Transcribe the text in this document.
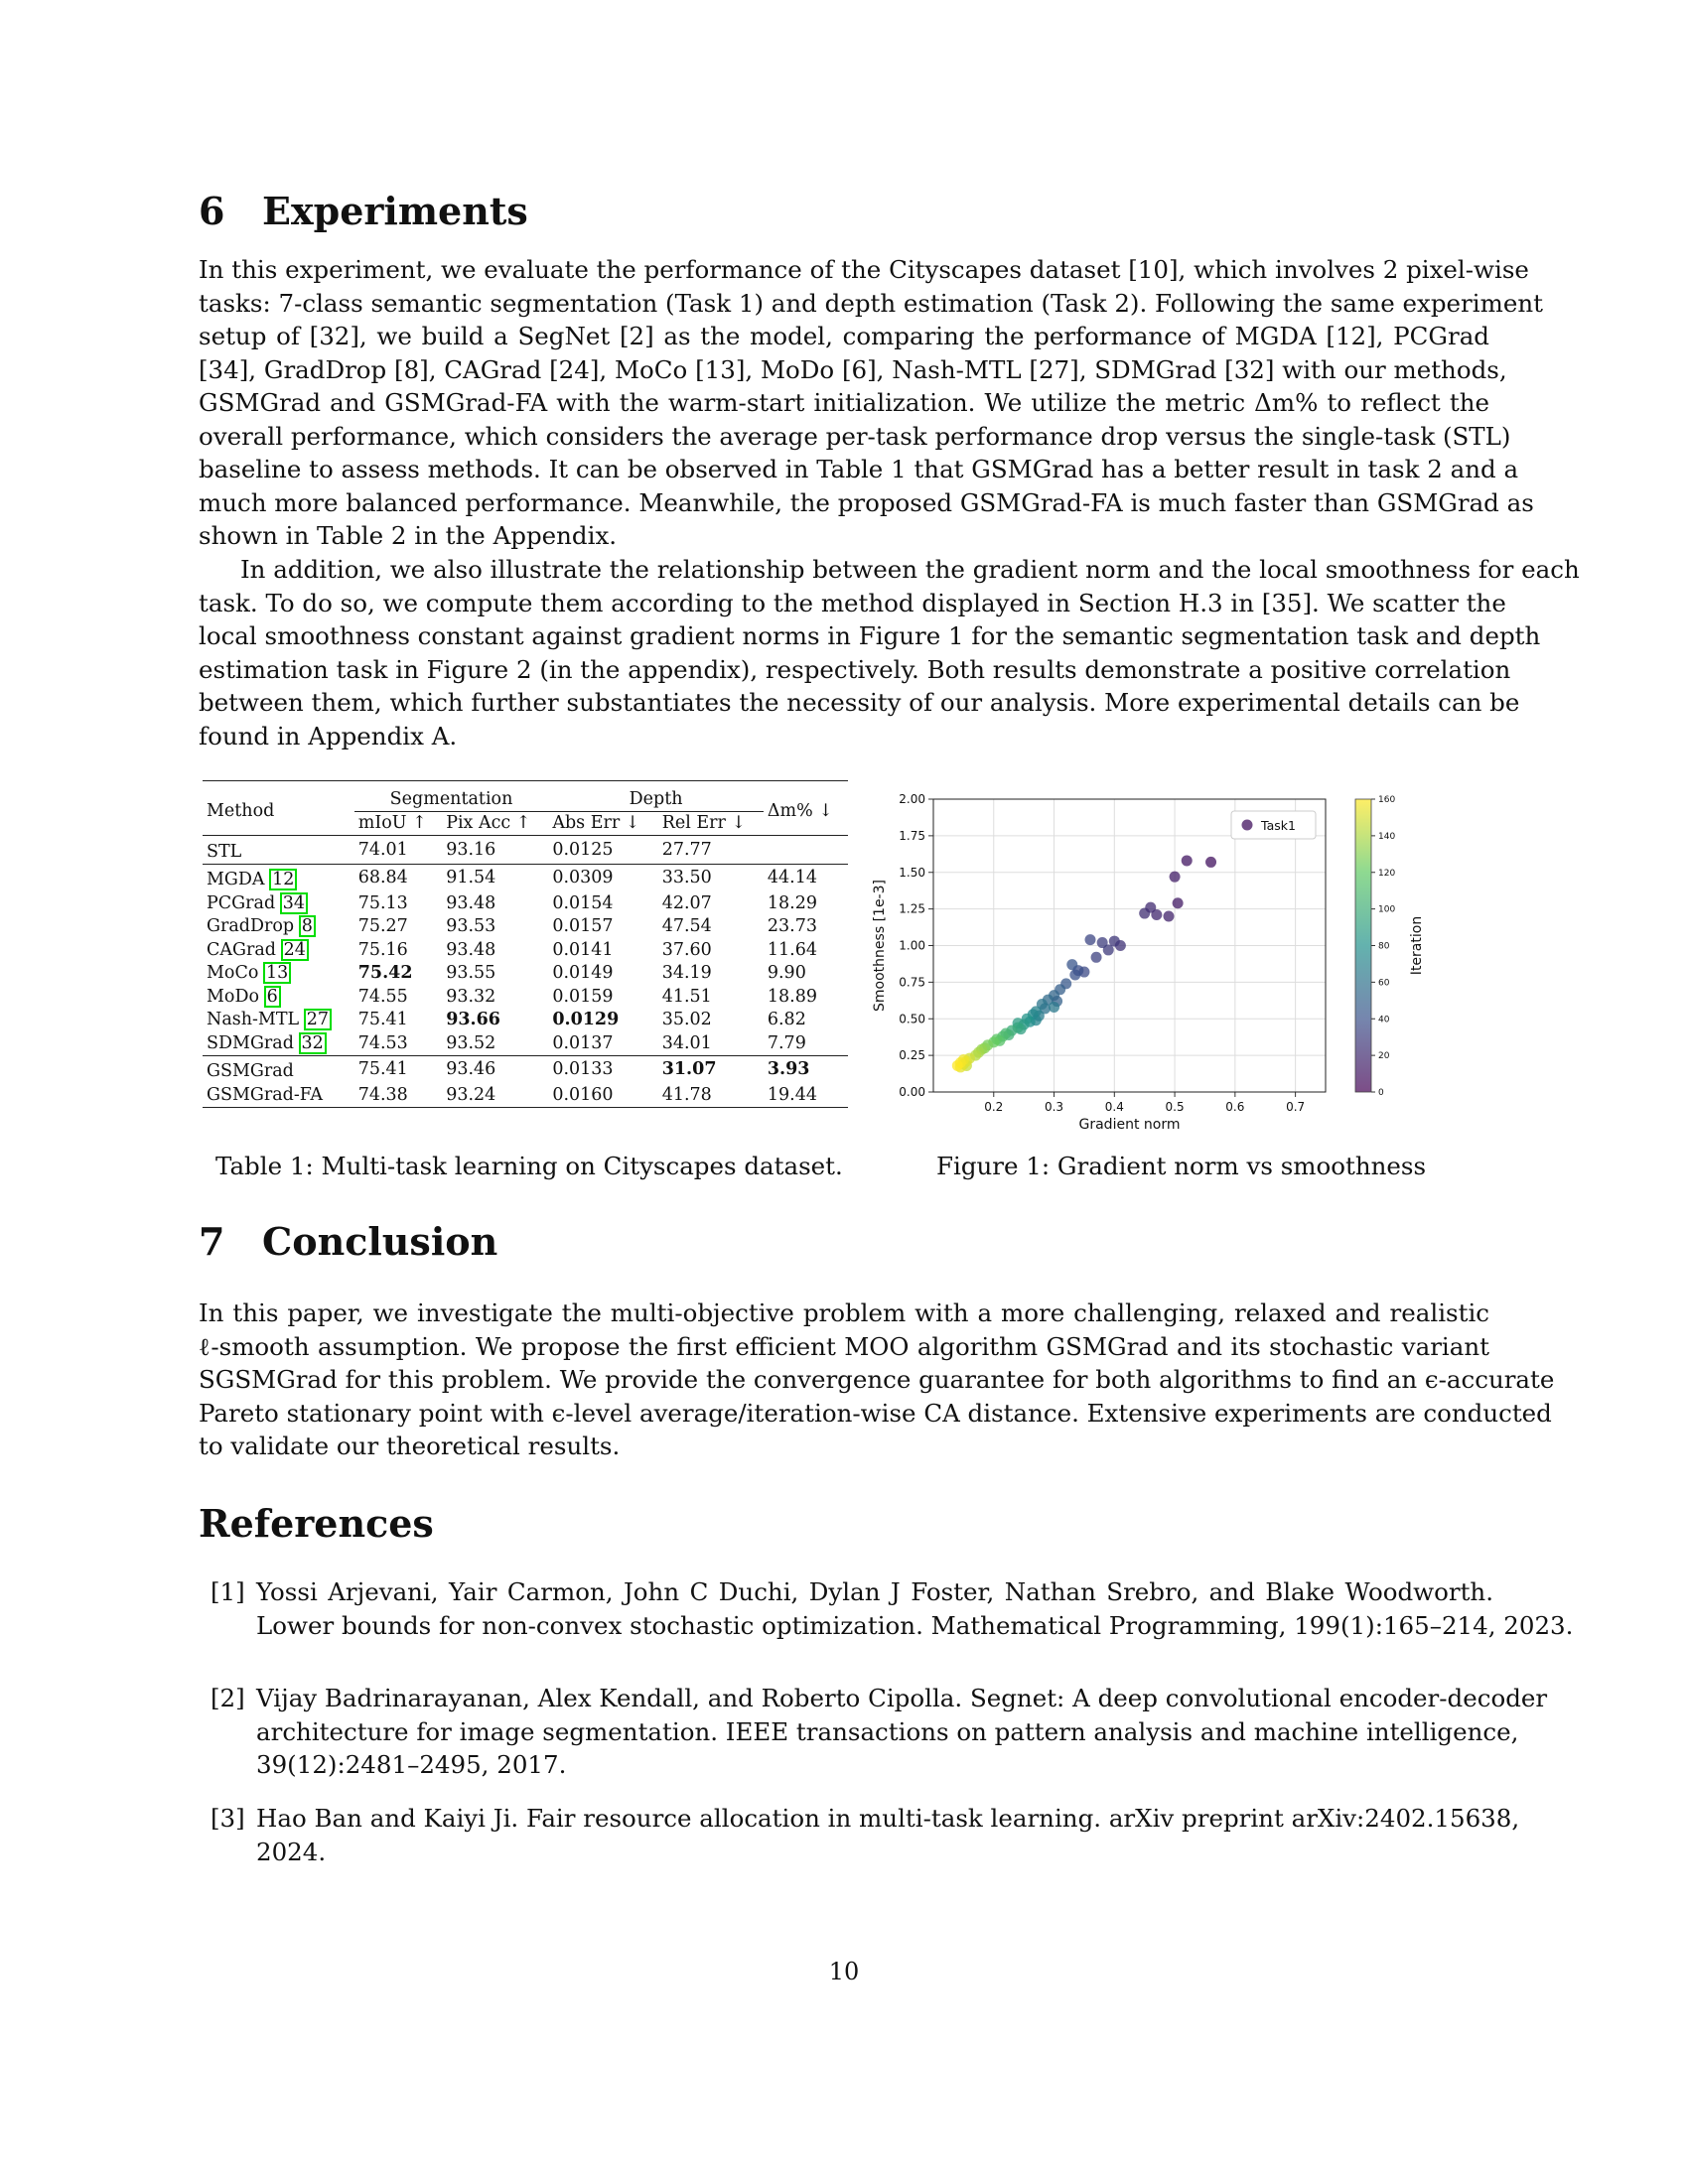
6 Experiments
In this experiment, we evaluate the performance of the Cityscapes dataset [10], which involves 2 pixel-wise
tasks: 7-class semantic segmentation (Task 1) and depth estimation (Task 2). Following the same experiment
setup of [32], we build a SegNet [2] as the model, comparing the performance of MGDA [12], PCGrad
[34], GradDrop [8], CAGrad [24], MoCo [13], MoDo [6], Nash-MTL [27], SDMGrad [32] with our methods,
GSMGrad and GSMGrad-FA with the warm-start initialization. We utilize the metric Δm% to reflect the
overall performance, which considers the average per-task performance drop versus the single-task (STL)
baseline to assess methods. It can be observed in Table 1 that GSMGrad has a better result in task 2 and a
much more balanced performance. Meanwhile, the proposed GSMGrad-FA is much faster than GSMGrad as
shown in Table 2 in the Appendix.
In addition, we also illustrate the relationship between the gradient norm and the local smoothness for each
task. To do so, we compute them according to the method displayed in Section H.3 in [35]. We scatter the
local smoothness constant against gradient norms in Figure 1 for the semantic segmentation task and depth
estimation task in Figure 2 (in the appendix), respectively. Both results demonstrate a positive correlation
between them, which further substantiates the necessity of our analysis. More experimental details can be
found in Appendix A.
Method	Segmentation		Depth		Δm% ↓
	mIoU ↑	Pix Acc ↑	Abs Err ↓	Rel Err ↓	
STL	74.01	93.16	0.0125	27.77	
MGDA 12	68.84	91.54	0.0309	33.50	44.14
PCGrad 34	75.13	93.48	0.0154	42.07	18.29
GradDrop 8	75.27	93.53	0.0157	47.54	23.73
CAGrad 24	75.16	93.48	0.0141	37.60	11.64
MoCo 13	75.42	93.55	0.0149	34.19	9.90
MoDo 6	74.55	93.32	0.0159	41.51	18.89
Nash-MTL 27	75.41	93.66	0.0129	35.02	6.82
SDMGrad 32	74.53	93.52	0.0137	34.01	7.79
GSMGrad	75.41	93.46	0.0133	31.07	3.93
GSMGrad-FA	74.38	93.24	0.0160	41.78	19.44
Table 1: Multi-task learning on Cityscapes dataset.
0.2	0.3	0.4	0.5	0.6	0.7
0.00
0.25
0.50
0.75
1.00
1.25
1.50
1.75
2.00
Gradient norm
Smoothness [1e-3]
Task1
0
20
40
60
80
100
120
140
160
Iteration
Figure 1: Gradient norm vs smoothness
7 Conclusion
In this paper, we investigate the multi-objective problem with a more challenging, relaxed and realistic
ℓ-smooth assumption. We propose the first efficient MOO algorithm GSMGrad and its stochastic variant
SGSMGrad for this problem. We provide the convergence guarantee for both algorithms to find an ϵ-accurate
Pareto stationary point with ϵ-level average/iteration-wise CA distance. Extensive experiments are conducted
to validate our theoretical results.
References
[1] Yossi Arjevani, Yair Carmon, John C Duchi, Dylan J Foster, Nathan Srebro, and Blake Woodworth.
Lower bounds for non-convex stochastic optimization. Mathematical Programming, 199(1):165–214, 2023.
[2] Vijay Badrinarayanan, Alex Kendall, and Roberto Cipolla. Segnet: A deep convolutional encoder-decoder
architecture for image segmentation. IEEE transactions on pattern analysis and machine intelligence,
39(12):2481–2495, 2017.
[3] Hao Ban and Kaiyi Ji. Fair resource allocation in multi-task learning. arXiv preprint arXiv:2402.15638,
2024.
10
